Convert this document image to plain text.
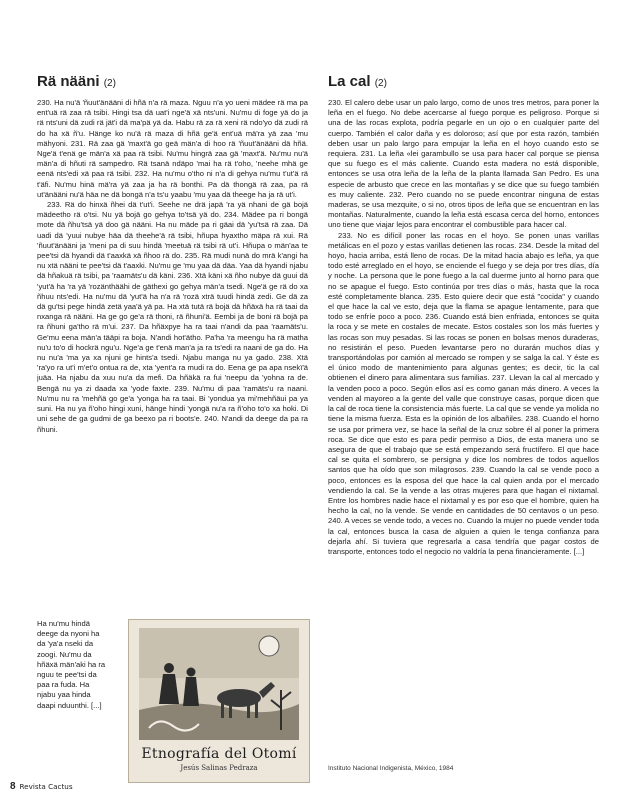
Rä nääni (2)

230. Ha nu'ä 'ñuut'änääni di hñä n'a rä maza. Nguu n'a yo ueni mädee rä ma pa ent'uä rä zaa rä tsibi. Hingi tsa dä uat'i nge'ä xä nts'uni. Nu'mu di foge yä do ja rä nts'uni dä zudi rä jät'i dä ma'pä yä da. Habu rä za rä xeni rä ndo'yo dä zudi rä do ha xä ñ'u. Hänge ko nu'ä rä maza di hñä ge'ä ent'uä mä'ra yä zaa 'mu mähyoni. 231. Rä zaa gä 'maxt'ä go geä män'a di hoo rä 'ñuut'änääni dä hñä. Nge'ä t'enä ge män'a xä paa rä tsibi. Nu'mu hingrä zaa gä 'maxt'ä. Nu'mu nu'ä män'a di hñuti rä sampedro. Rä tsanä ndäpo 'mai ha rä t'oho, 'neehe mhä ge eenä nts'edi xä paa rä tsibi. 232. Ha nu'mu o'tho ni n'a di gehya nu'mu t'ut'ä rä t'äfi. Nu'mu hinä mä'ra yä zaa ja ha rä bonthi. Pa dä thongä rä zaa, pa rä ut'änääni nu'ä häa ne dä bongä n'a ts'u yaabu 'mu yaa dä theege ha ja rä ut'i.

233. Rä do hinxä ñhei dä t'ut'i. Seehe ne drä japä 'ra yä nhani de gä bojä mädeetho rä o'tsi. Nu yä bojä go gehya to'tsä yä do. 234. Mädee pa ri bongä mote dä ñhu'tsä yä doo gä nääni. Ha nu mäde pa ri gäai dä 'yu'tsä rä zaa. Dä uadi dä 'yuui nubye häa dä theehe'ä rä tsibi, hñupa hyaxtho mäpa rä xui. Rä 'ñuut'änääni ja 'meni pa di suu hindä 'meetuä rä tsibi rä ut'i. Hñupa o män'aa te pee'tsi dä hyandi dä t'aaxkä xä ñhoo rä do. 235. Rä mudi nunä do mrä k'angi ha nu xtä nääni te pee'tsi dä t'aaxki. Nu'mu ge 'mu yaa dä däa. Yaa dä hyandi njabu dä hñakuä rä tsibi, pa 'raamäts'u dä käni. 236. Xtä käni xä ñho nubye dä guui dä 'yut'ä ha 'ra yä 'rozänthäähi de gäthexi go gehya män'a tsedi. Nge'ä ge rä do xa ñhuu nts'edi. Ha nu'mu dä 'yut'ä ha n'a rä 'rozä xträ tuudi hindä zedi. Ge dä za dä gu'tsi pege hindä zetä yaa'ä yä pa. Ha xtä tutä rä bojä dä hñäxä ha rä taai da nxanga rä nääni. Ha ge go ge'a rä thoni, rä ñhuni'ä. Eembi ja de boni rä bojä pa ra ñhuni ga'tho rä m'ui. 237. Da hñäxpye ha ra taai n'andi da paa 'raamäts'u. Ge'mu eena män'a tääpi ra boja. N'andi hot'ätho. Pa'ha 'ra meengu ha rä matha nu'u to'o di hockrä ngu'u. Nge'a ge t'enä man'a ja ra ts'edi ra naani de ga do. Ha nu nu'a 'ma ya xa njuni ge hints'a tsedi. Njabu manga nu ya gado. 238. Xtä 'ra'yo ra ut'i m'et'o ontua ra de, xta 'yent'a ra mudi ra do. Eena ge pa apa nsekï'ä juäa. Ha njabu da xuu nu'a da mefi. Da hñäkä ra fui 'neepu da 'yohna ra de. Bengä nu ya zi daada xa 'yode faxte. 239. Nu'mu di paa 'ramäts'u ra naani. Nu'mu nu ra 'mehñä go ge'a 'yonga ha ra taai. Bi 'yondua ya mi'mehñäui pa ya suni. Ha nu ya ñ'oho hingi xuni, hänge hindi 'yongä nu'a ra ñ'oho to'o xa hoki. Di uni sehe de ga gudmi de ga beexo pa ri boots'e. 240. N'andi da deege da pa ra ñhuni.

Ha nu'mu hindä deege da nyoni ha da 'ya'a nseki da zoogi. Nu'mu da hñäxä män'aki ha ra nguu te pee'tsi da paa ra fuda. Ha njabu yaa hinda daapi nduunthi. [...]
Etnografía del Otomí
Jesús Salinas Pedraza
La cal (2)

230. El calero debe usar un palo largo, como de unos tres metros, para poner la leña en el fuego. No debe acercarse al fuego porque es peligroso. Porque si una de las rocas explota, podría pegarle en un ojo o en cualquier parte del cuerpo. También el calor daña y es doloroso; así que por esta razón, también deben usar un palo largo para empujar la leña en el hoyo cuando esto se requiera. 231. La leña «lei garambullo se usa para hacer cal porque se piensa que su fuego es el más caliente. Cuando esta madera no está disponible, entonces se usa otra leña de la leña de la planta llamada San Pedro. Es una especie de arbusto que crece en las montañas y se dice que su fuego también es muy caliente. 232. Pero cuando no se puede encontrar ninguna de estas maderas, se usa mezquite, o si no, otros tipos de leña que se encuentran en las montañas. Naturalmente, cuando la leña está escasa cerca del horno, entonces uno tiene que viajar lejos para encontrar el combustible para hacer cal.

233. No es difícil poner las rocas en el hoyo. Se ponen unas varillas metálicas en el pozo y estas varillas detienen las rocas. 234. Desde la mitad del hoyo, hacia arriba, está lleno de rocas. De la mitad hacia abajo es leña, ya que todo esté arreglado en el hoyo, se enciende el fuego y se deja por tres días, día y noche. La persona que le pone fuego a la cal duerme junto al horno para que no se apague el fuego. Esto continúa por tres días o más, hasta que la roca esté completamente blanca. 235. Esto quiere decir que está "cocida" y cuando el que hace la cal ve esto, deja que la flama se apague lentamente, para que todo se enfríe poco a poco. 236. Cuando está bien enfriada, entonces se quita la roca y se mete en costales de mecate. Estos costales son los más fuertes y las rocas son muy pesadas. Si las rocas se ponen en bolsas menos duraderas, no resistirán el peso. Pueden levantarse pero no durarán muchos días y transportándolas por camión al mercado se rompen y se salga la cal. Y éste es el único modo de mantenimiento para algunas gentes; es decir, tic la cal obtienen el dinero para alimentara sus familias. 237. Llevan la cal al mercado y la venden poco a poco. Según ellos así es como ganan más dinero. A veces la venden al mayoreo a la gente del valle que construye casas, porque dicen que la cal de roca tiene la consistencia más fuerte. La cal que se vende ya molida no tiene la misma fuerza. Esta es la opinión de los albañiles. 238. Cuando el horno se usa por primera vez, se hace la señal de la cruz sobre él al poner la primera roca. Se dice que esto es para pedir permiso a Dios, de esta manera uno se asegura de que el trabajo que se está empezando será fructífero. El que hace cal se quita el sombrero, se persigna y dice los nombres de todos aquellos santos que ha oído que son milagrosos. 239. Cuando la cal se vende poco a poco, entonces es la esposa del que hace la cal quien anda por el mercado vendiendo la cal. Se la vende a las otras mujeres para que hagan el nixtamal. Entre los hombres nadie hace el nixtamal y es por eso que el hombre, quien ha hecho la cal, no la vende. Se vende en cantidades de 50 centavos o un peso. 240. A veces se vende todo, a veces no. Cuando la mujer no puede vender toda la cal, entonces busca la casa de alguien a quien le tenga confianza para dejarla ahí. Si tuviera que regresarla a casa tendría que pagar costos de transporte, entonces todo el negocio no valdría la pena financieramente. [...]

Instituto Nacional Indigenista, México, 1984
8 Revista Cactus
